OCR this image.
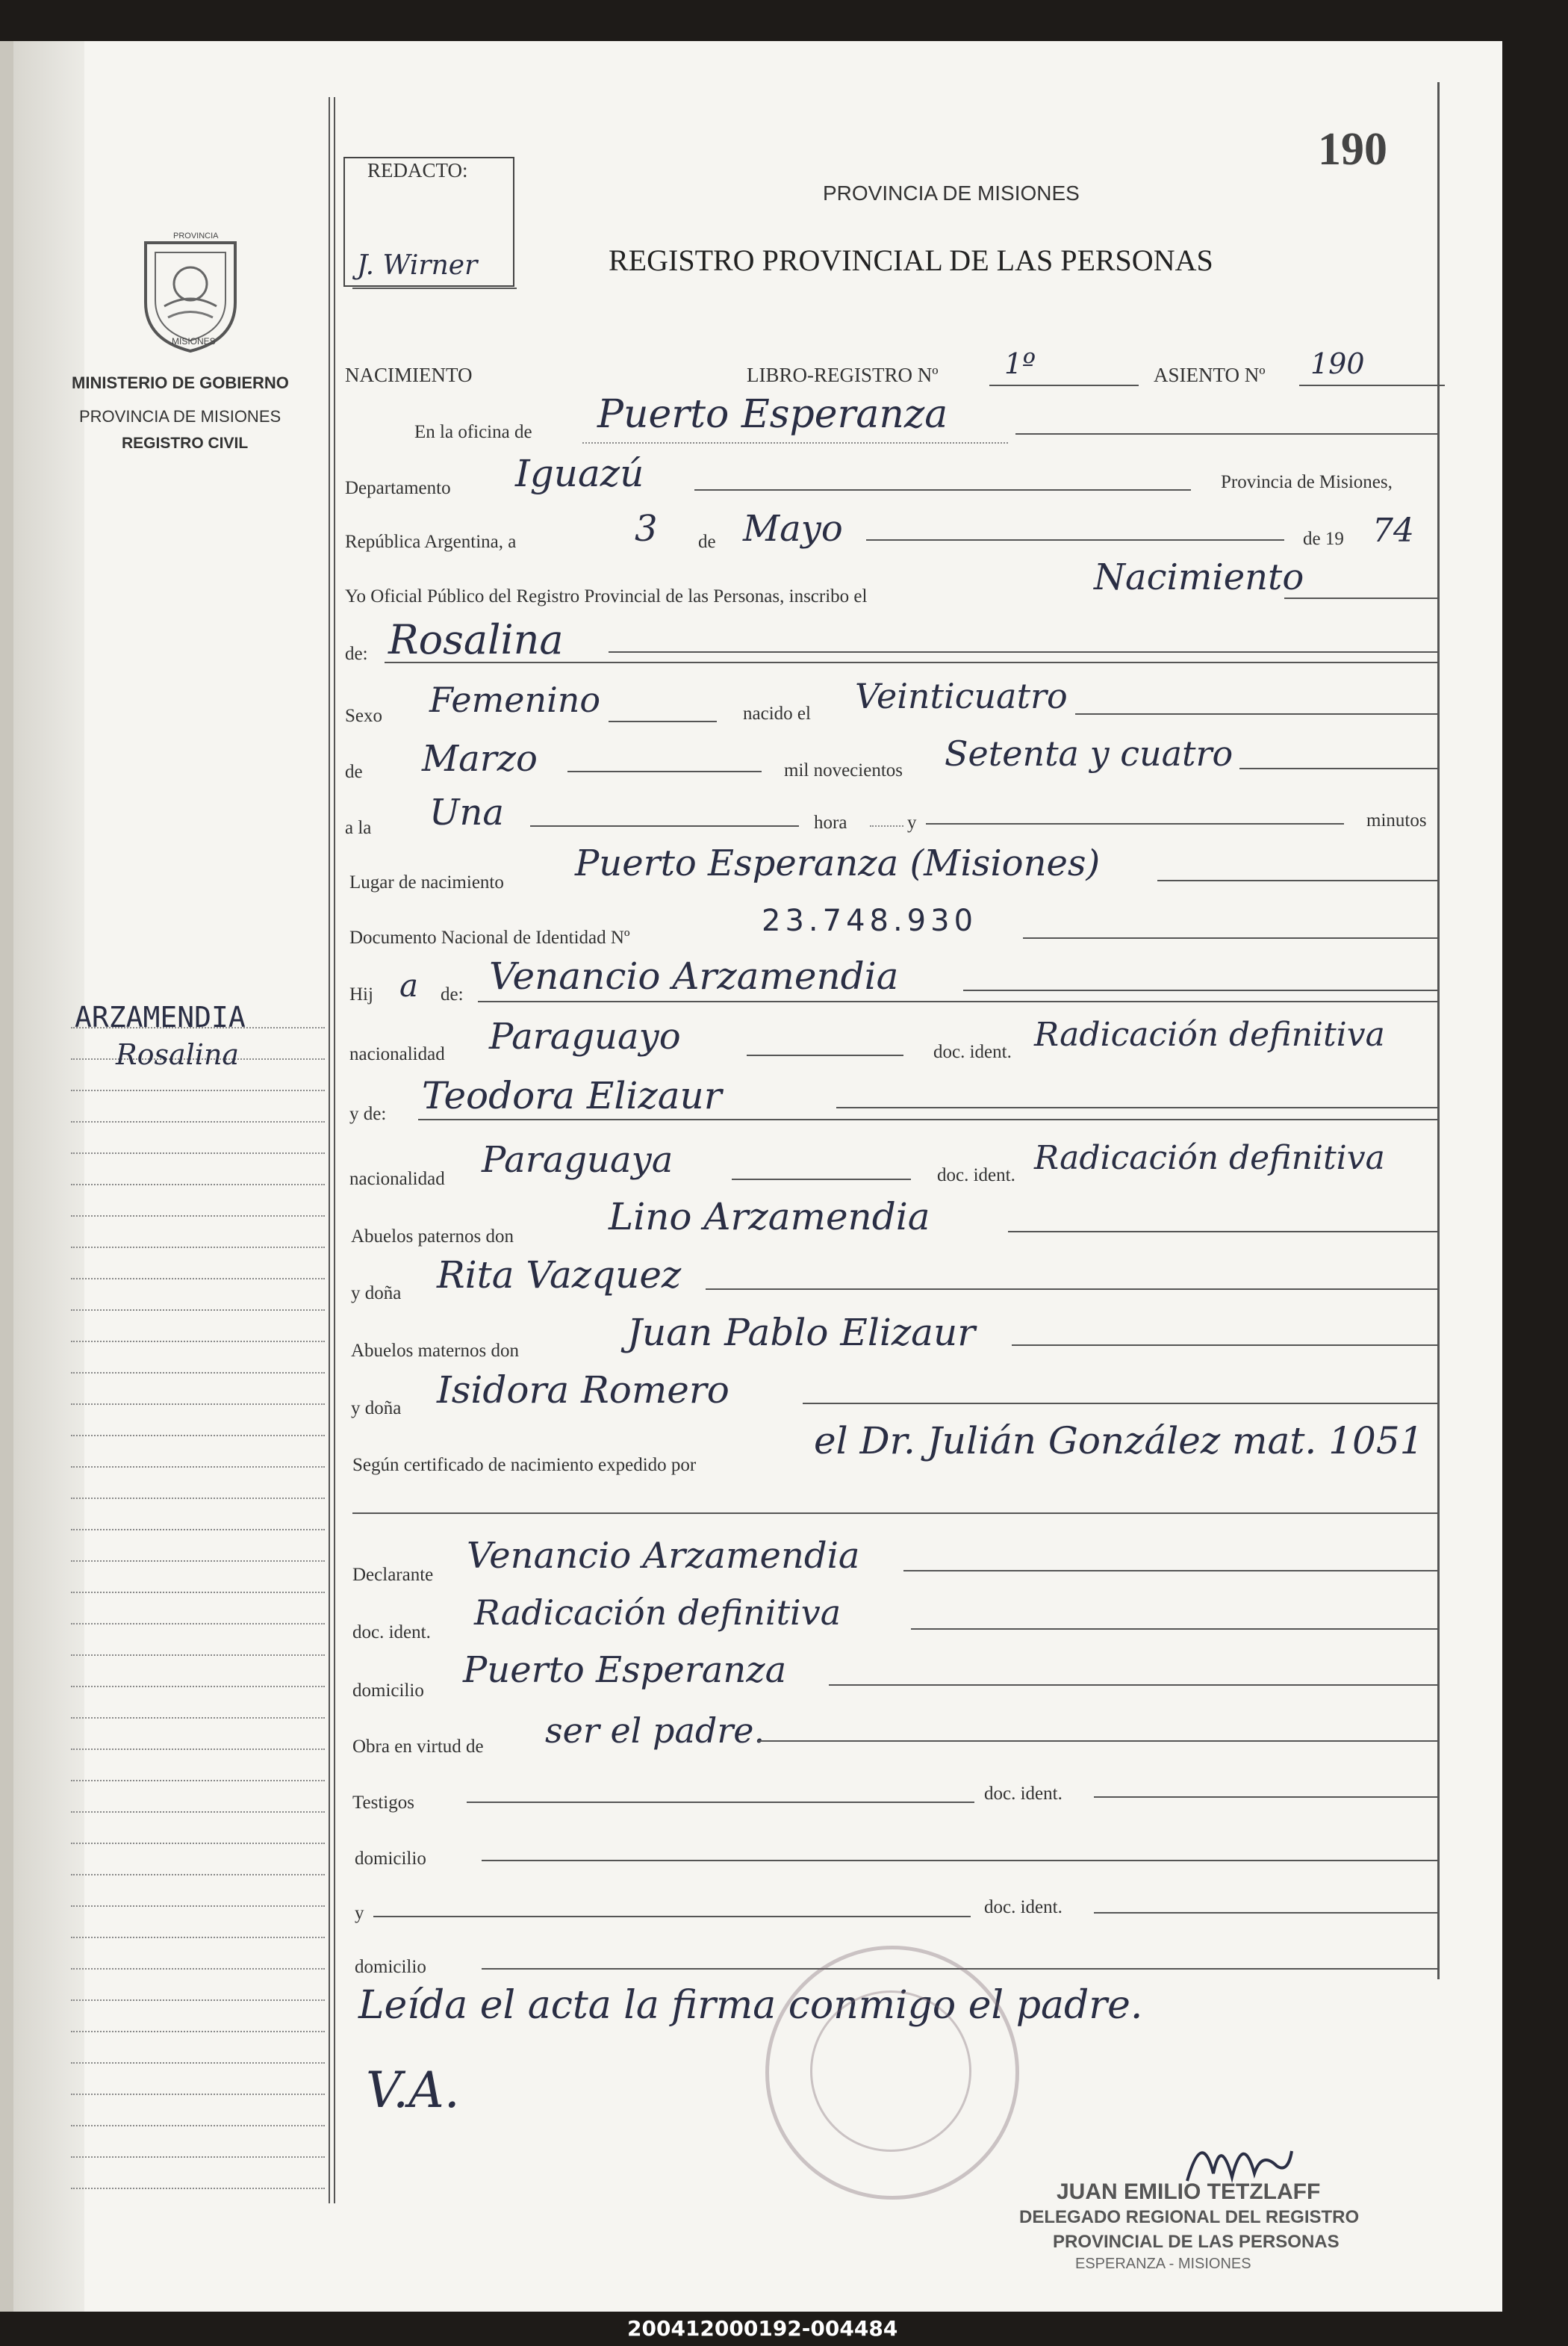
190
REDACTO:
J. Wirner
PROVINCIA DE MISIONES
REGISTRO PROVINCIAL DE LAS PERSONAS
PROVINCIA
MISIONES
MINISTERIO DE GOBIERNO
PROVINCIA DE MISIONES
REGISTRO CIVIL
ARZAMENDIA
Rosalina
NACIMIENTO	LIBRO-REGISTRO Nº 1º	ASIENTO Nº 190
En la oficina de Puerto Esperanza
Departamento Iguazú	Provincia de Misiones,
República Argentina, a	3 de Mayo	de 19 74
Yo Oficial Público del Registro Provincial de las Personas, inscribo el	Nacimiento
de: Rosalina
Sexo Femenino	nacido el Veinticuatro
de Marzo	mil novecientos Setenta y cuatro
a la Una	hora	y	minutos
Lugar de nacimiento Puerto Esperanza (Misiones)
Documento Nacional de Identidad Nº	23.748.930
Hij a de: Venancio Arzamendia
nacionalidad Paraguayo	doc. ident. Radicación definitiva
y de: Teodora Elizaur
nacionalidad Paraguaya	doc. ident. Radicación definitiva
Abuelos paternos don	Lino Arzamendia
y doña Rita Vazquez
Abuelos maternos don	Juan Pablo Elizaur
y doña Isidora Romero
Según certificado de nacimiento expedido por
el Dr. Julián González mat. 1051
Declarante Venancio Arzamendia
doc. ident. Radicación definitiva
domicilio Puerto Esperanza
Obra en virtud de ser el padre.
Testigos	doc. ident.
domicilio
y	doc. ident.
domicilio
Leída el acta la firma conmigo el padre.
V.A.
JUAN EMILIO TETZLAFF
DELEGADO REGIONAL DEL REGISTRO
PROVINCIAL DE LAS PERSONAS
ESPERANZA - MISIONES
200412000192-004484
